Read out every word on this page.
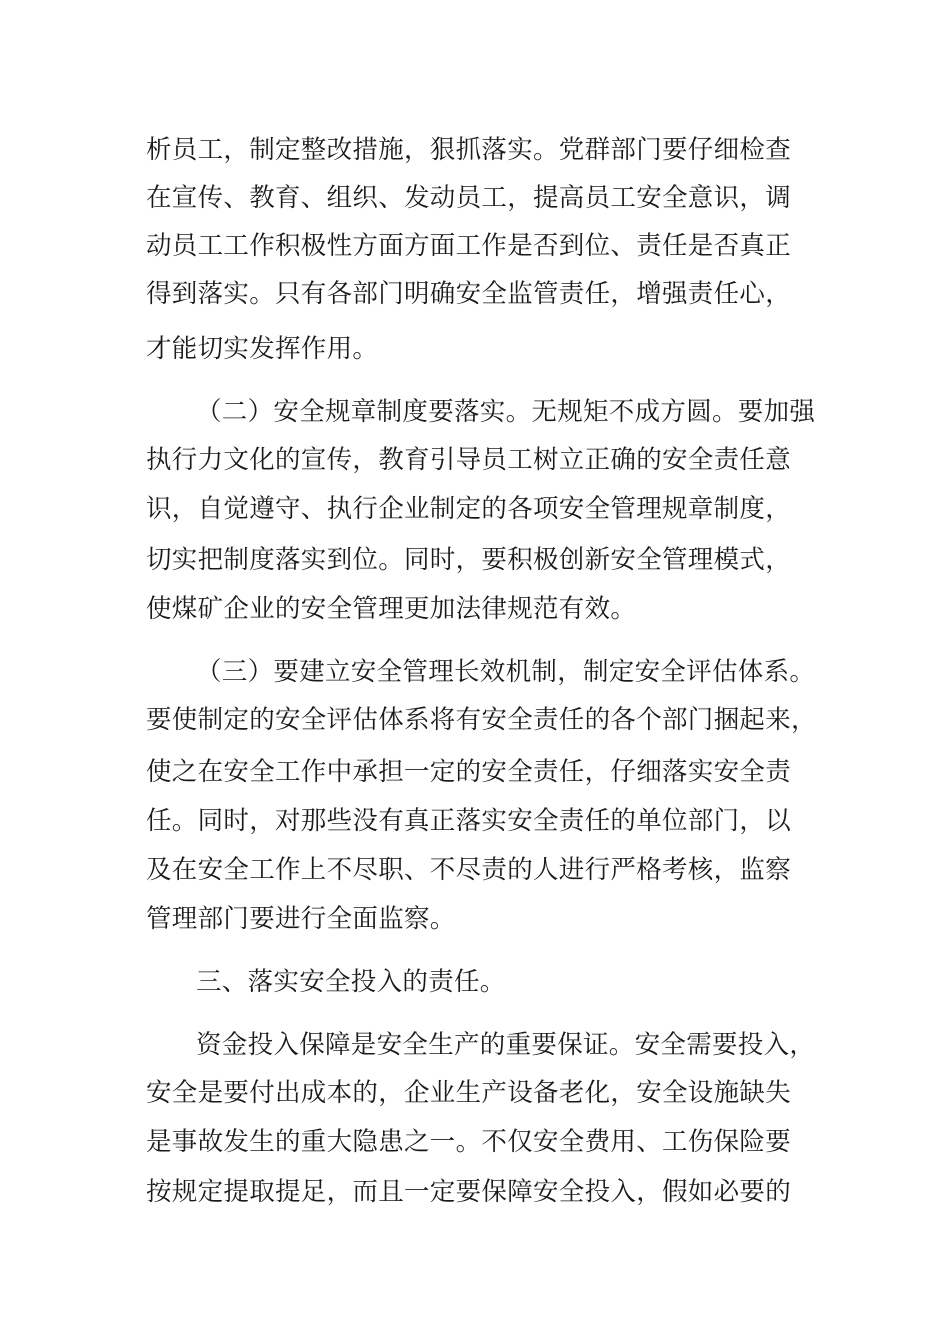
析员工，制定整改措施，狠抓落实。党群部门要仔细检查
在宣传、教育、组织、发动员工，提高员工安全意识，调
动员工工作积极性方面方面工作是否到位、责任是否真正
得到落实。只有各部门明确安全监管责任，增强责任心，
才能切实发挥作用。
（二）安全规章制度要落实。无规矩不成方圆。要加强
执行力文化的宣传，教育引导员工树立正确的安全责任意
识，自觉遵守、执行企业制定的各项安全管理规章制度，
切实把制度落实到位。同时，要积极创新安全管理模式，
使煤矿企业的安全管理更加法律规范有效。
（三）要建立安全管理长效机制，制定安全评估体系。
要使制定的安全评估体系将有安全责任的各个部门捆起来，
使之在安全工作中承担一定的安全责任，仔细落实安全责
任。同时，对那些没有真正落实安全责任的单位部门，以
及在安全工作上不尽职、不尽责的人进行严格考核，监察
管理部门要进行全面监察。
三、落实安全投入的责任。
资金投入保障是安全生产的重要保证。安全需要投入，
安全是要付出成本的，企业生产设备老化，安全设施缺失
是事故发生的重大隐患之一。不仅安全费用、工伤保险要
按规定提取提足，而且一定要保障安全投入，假如必要的
